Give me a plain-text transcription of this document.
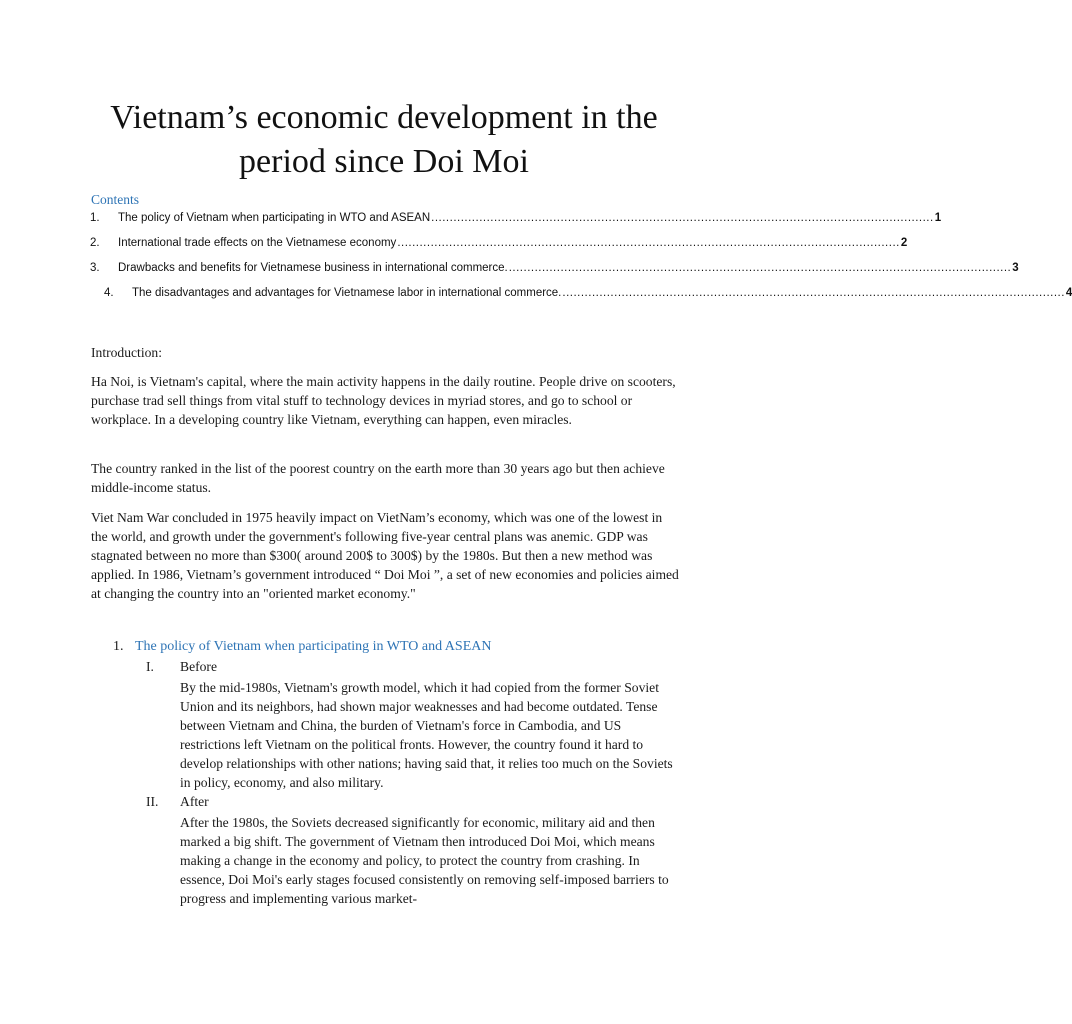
Vietnam’s economic development in the period since Doi Moi
Contents
1.	The policy of Vietnam when participating in WTO and ASEAN ........................................................................................................................................ 1
2.	International trade effects on the Vietnamese economy ........................................................................................................................................ 2
3.	Drawbacks and benefits for Vietnamese business in international commerce. ........................................................................................................................................ 3
4.	The disadvantages and advantages for Vietnamese labor in international commerce. ........................................................................................................................................ 4
Introduction:
Ha Noi, is Vietnam's capital, where the main activity happens in the daily routine. People drive on scooters, purchase trad sell things from vital stuff to technology devices in myriad stores, and go to school or workplace. In a developing country like Vietnam, everything can happen, even miracles.
The country ranked in the list of the poorest country on the earth more than 30 years ago but then achieve middle-income status.
Viet Nam War concluded in 1975 heavily impact on VietNam’s economy, which was one of the lowest in the world, and growth under the government's following five-year central plans was anemic. GDP was stagnated between no more than $300( around 200$ to 300$) by the 1980s. But then a new method was applied. In 1986, Vietnam’s government introduced “ Doi Moi ”, a set of new economies and policies aimed at changing the country into an "oriented market economy."
1. The policy of Vietnam when participating in WTO and ASEAN
I. Before
By the mid-1980s, Vietnam's growth model, which it had copied from the former Soviet Union and its neighbors, had shown major weaknesses and had become outdated. Tense between Vietnam and China, the burden of Vietnam's force in Cambodia, and US restrictions left Vietnam on the political fronts. However, the country found it hard to develop relationships with other nations; having said that, it relies too much on the Soviets in policy, economy, and also military.
II. After
After the 1980s, the Soviets decreased significantly for economic, military aid and then marked a big shift. The government of Vietnam then introduced Doi Moi, which means making a change in the economy and policy, to protect the country from crashing. In essence, Doi Moi's early stages focused consistently on removing self-imposed barriers to progress and implementing various market-
